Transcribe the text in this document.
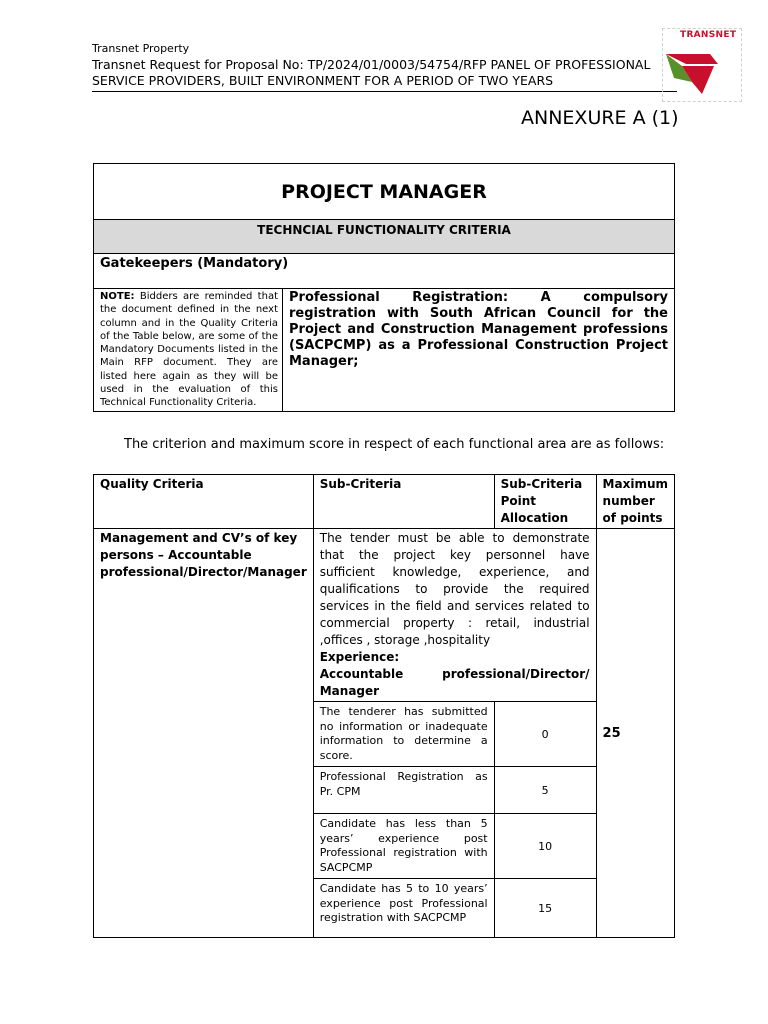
Transnet Property
Transnet Request for Proposal No: TP/2024/01/0003/54754/RFP PANEL OF PROFESSIONAL SERVICE PROVIDERS, BUILT ENVIRONMENT FOR A PERIOD OF TWO YEARS
TRANSNET
ANNEXURE A (1)
PROJECT MANAGER
TECHNCIAL FUNCTIONALITY CRITERIA
Gatekeepers (Mandatory)
NOTE: Bidders are reminded that the document defined in the next column and in the Quality Criteria of the Table below, are some of the Mandatory Documents listed in the Main RFP document. They are listed here again as they will be used in the evaluation of this Technical Functionality Criteria.	Professional Registration: A compulsory registration with South African Council for the Project and Construction Management professions (SACPCMP) as a Professional Construction Project Manager;
The criterion and maximum score in respect of each functional area are as follows:
Quality Criteria	Sub-Criteria	Sub-Criteria Point Allocation	Maximum number of points
Management and CV’s of key persons – Accountable professional/Director/Manager	The tender must be able to demonstrate that the project key personnel have sufficient knowledge, experience, and qualifications to provide the required services in the field and services related to commercial property : retail, industrial ,offices , storage ,hospitality
Experience:
Accountable professional/Director/ Manager		25
	The tenderer has submitted no information or inadequate information to determine a score.	0	
	Professional Registration as Pr. CPM	5	
	Candidate has less than 5 years’ experience post Professional registration with SACPCMP	10	
	Candidate has 5 to 10 years’ experience post Professional registration with SACPCMP	15	
